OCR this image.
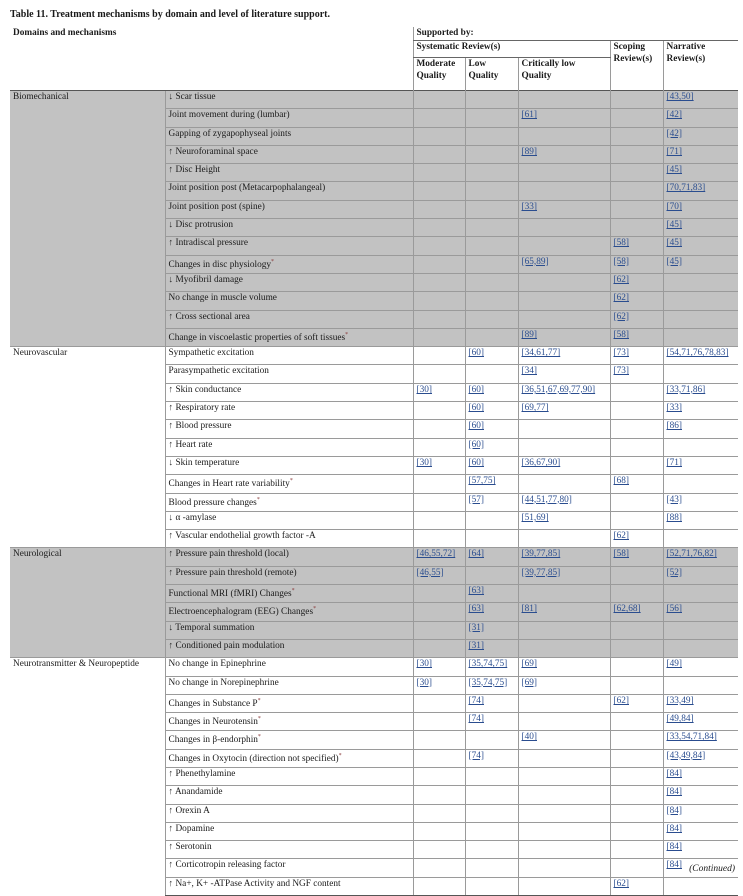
Table 11. Treatment mechanisms by domain and level of literature support.
Domains and mechanisms		Supported by:				
		Systematic Review(s)			Scoping Review(s)	Narrative Review(s)
		Moderate Quality	Low Quality	Critically low Quality		
Biomechanical	↓ Scar tissue					[43,50]
	Joint movement during (lumbar)			[61]		[42]
	Gapping of zygapophyseal joints					[42]
	↑ Neuroforaminal space			[89]		[71]
	↑ Disc Height					[45]
	Joint position post (Metacarpophalangeal)					[70,71,83]
	Joint position post (spine)			[33]		[70]
	↓ Disc protrusion					[45]
	↑ Intradiscal pressure				[58]	[45]
	Changes in disc physiology*			[65,89]	[58]	[45]
	↓ Myofibril damage				[62]	
	No change in muscle volume				[62]	
	↑ Cross sectional area				[62]	
	Change in viscoelastic properties of soft tissues*			[89]	[58]	
Neurovascular	Sympathetic excitation		[60]	[34,61,77]	[73]	[54,71,76,78,83]
	Parasympathetic excitation			[34]	[73]	
	↑ Skin conductance	[30]	[60]	[36,51,67,69,77,90]		[33,71,86]
	↑ Respiratory rate		[60]	[69,77]		[33]
	↑ Blood pressure		[60]			[86]
	↑ Heart rate		[60]			
	↓ Skin temperature	[30]	[60]	[36,67,90]		[71]
	Changes in Heart rate variability*		[57,75]		[68]	
	Blood pressure changes*		[57]	[44,51,77,80]		[43]
	↓ α -amylase			[51,69]		[88]
	↑ Vascular endothelial growth factor -A				[62]	
Neurological	↑ Pressure pain threshold (local)	[46,55,72]	[64]	[39,77,85]	[58]	[52,71,76,82]
	↑ Pressure pain threshold (remote)	[46,55]		[39,77,85]		[52]
	Functional MRI (fMRI) Changes*		[63]			
	Electroencephalogram (EEG) Changes*		[63]	[81]	[62,68]	[56]
	↓ Temporal summation		[31]			
	↑ Conditioned pain modulation		[31]			
Neurotransmitter & Neuropeptide	No change in Epinephrine	[30]	[35,74,75]	[69]		[49]
	No change in Norepinephrine	[30]	[35,74,75]	[69]		
	Changes in Substance P*		[74]		[62]	[33,49]
	Changes in Neurotensin*		[74]			[49,84]
	Changes in β-endorphin*			[40]		[33,54,71,84]
	Changes in Oxytocin (direction not specified)*		[74]			[43,49,84]
	↑ Phenethylamine					[84]
	↑ Anandamide					[84]
	↑ Orexin A					[84]
	↑ Dopamine					[84]
	↑ Serotonin					[84]
	↑ Corticotropin releasing factor					[84]
	↑ Na+, K+ -ATPase Activity and NGF content				[62]	
(Continued)
